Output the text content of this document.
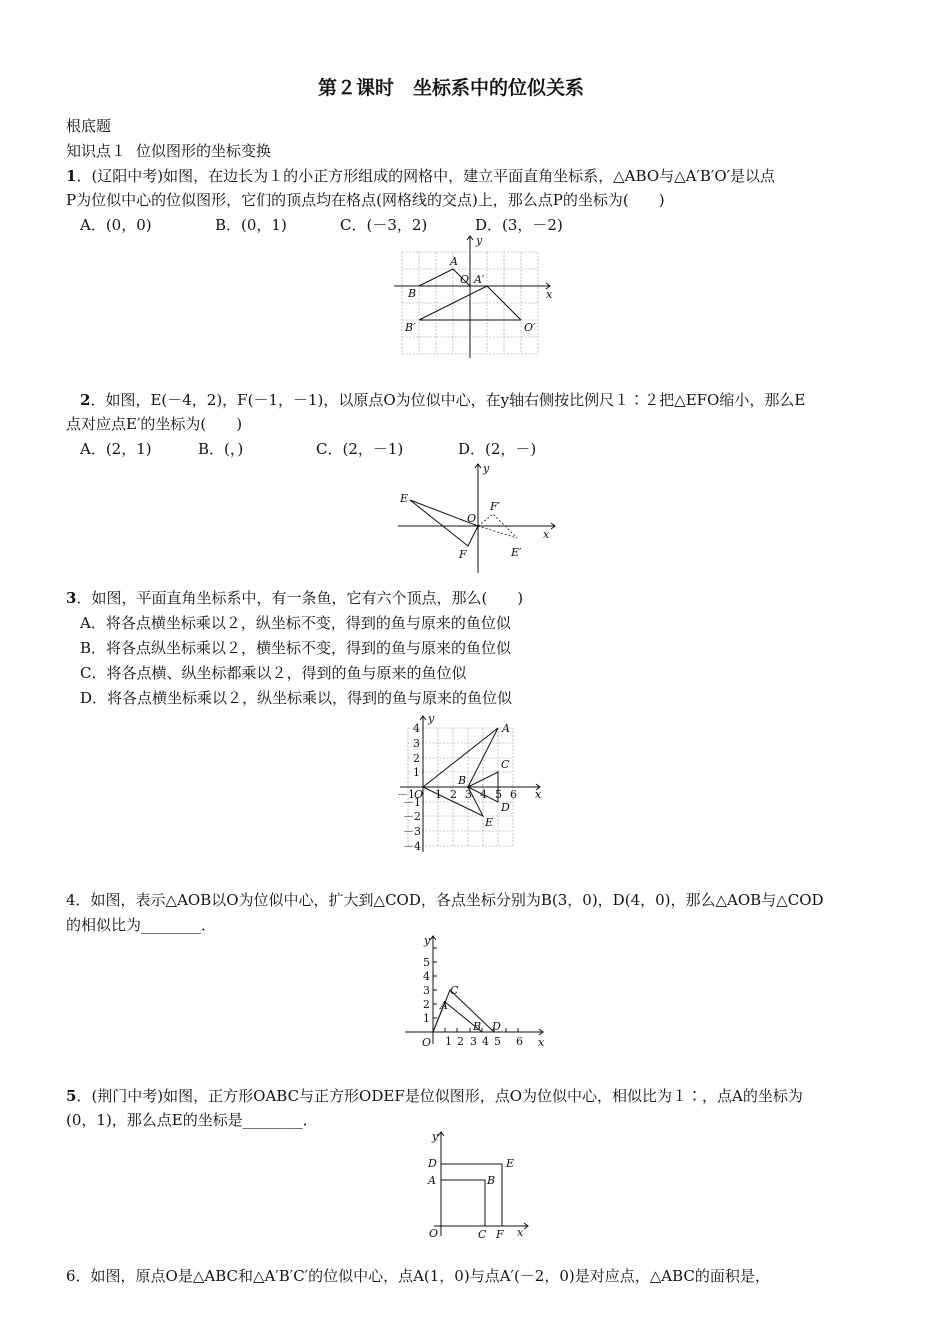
第２课时　坐标系中的位似关系
根底题
知识点１ 位似图形的坐标变换
1．(辽阳中考)如图，在边长为１的小正方形组成的网格中，建立平面直角坐标系，△ABO与△A′B′O′是以点
P为位似中心的位似图形，它们的顶点均在格点(网格线的交点)上，那么点P的坐标为(　　)
A．(0，0)	B．(0，1)	C．(－3，2)	D．(3，－2)
A
B
O A′
B′	O′
x
y
2．如图，E(－4，2)，F(－1，－1)，以原点O为位似中心，在y轴右侧按比例尺１∶２把△EFO缩小，那么E
点对应点E′的坐标为(　　)
A．(2，1)	B．(，)	C．(2，－1)	D．(2，－)
E
F
O
F′
E′
x
y
3．如图，平面直角坐标系中，有一条鱼，它有六个顶点，那么(　　)
A．将各点横坐标乘以２，纵坐标不变，得到的鱼与原来的鱼位似
B．将各点纵坐标乘以２，横坐标不变，得到的鱼与原来的鱼位似
C．将各点横、纵坐标都乘以２，得到的鱼与原来的鱼位似
D．将各点横坐标乘以２，纵坐标乘以，得到的鱼与原来的鱼位似
4
3
2
1
－1
－2
－3
－4
－1 1 2 3 4 5 6
A
B
C
D
E
O	x
y
4．如图，表示△AOB以O为位似中心，扩大到△COD，各点坐标分别为B(3，0)，D(4，0)，那么△AOB与△COD
的相似比为________．
5
4
3
2
1
1 2 3 4 5 6
A
B
C
D
O	x
y
5．(荆门中考)如图，正方形OABC与正方形ODEF是位似图形，点O为位似中心，相似比为１∶，点A的坐标为
(0，1)，那么点E的坐标是________．
D	E
A	B
O	C F x
y
6．如图，原点O是△ABC和△A′B′C′的位似中心，点A(1，0)与点A′(－2，0)是对应点，△ABC的面积是，
